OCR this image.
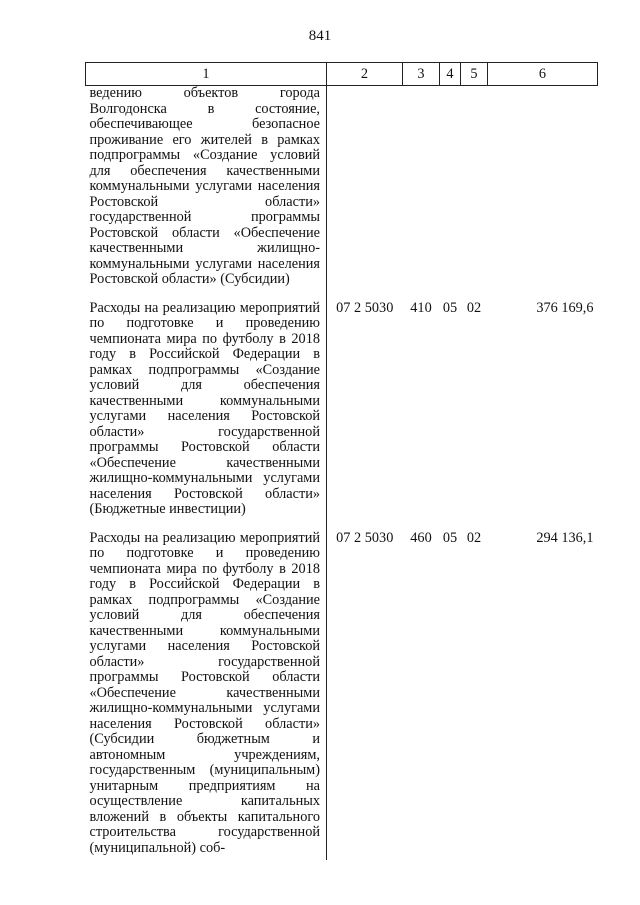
841
1	2	3	4	5	6
ведению объектов города Волгодонска в состояние, обеспечивающее безопасное проживание его жителей в рамках подпрограммы «Создание условий для обеспечения качественными коммунальными услугами населения Ростовской области» государственной программы Ростовской области «Обеспечение качественными жилищно-коммунальными услугами населения Ростовской области» (Субсидии)					
Расходы на реализацию мероприятий по подготовке и проведению чемпионата мира по футболу в 2018 году в Российской Федерации в рамках подпрограммы «Создание условий для обеспечения качественными коммунальными услугами населения Ростовской области» государственной программы Ростовской области «Обеспечение качественными жилищно-коммунальными услугами населения Ростовской области» (Бюджетные инвестиции)	07 2 5030	410	05	02	376 169,6
Расходы на реализацию мероприятий по подготовке и проведению чемпионата мира по футболу в 2018 году в Российской Федерации в рамках подпрограммы «Создание условий для обеспечения качественными коммунальными услугами населения Ростовской области» государственной программы Ростовской области «Обеспечение качественными жилищно-коммунальными услугами населения Ростовской области» (Субсидии бюджетным и автономным учреждениям, государственным (муниципальным) унитарным предприятиям на осуществление капитальных вложений в объекты капитального строительства государственной (муниципальной) соб-	07 2 5030	460	05	02	294 136,1
